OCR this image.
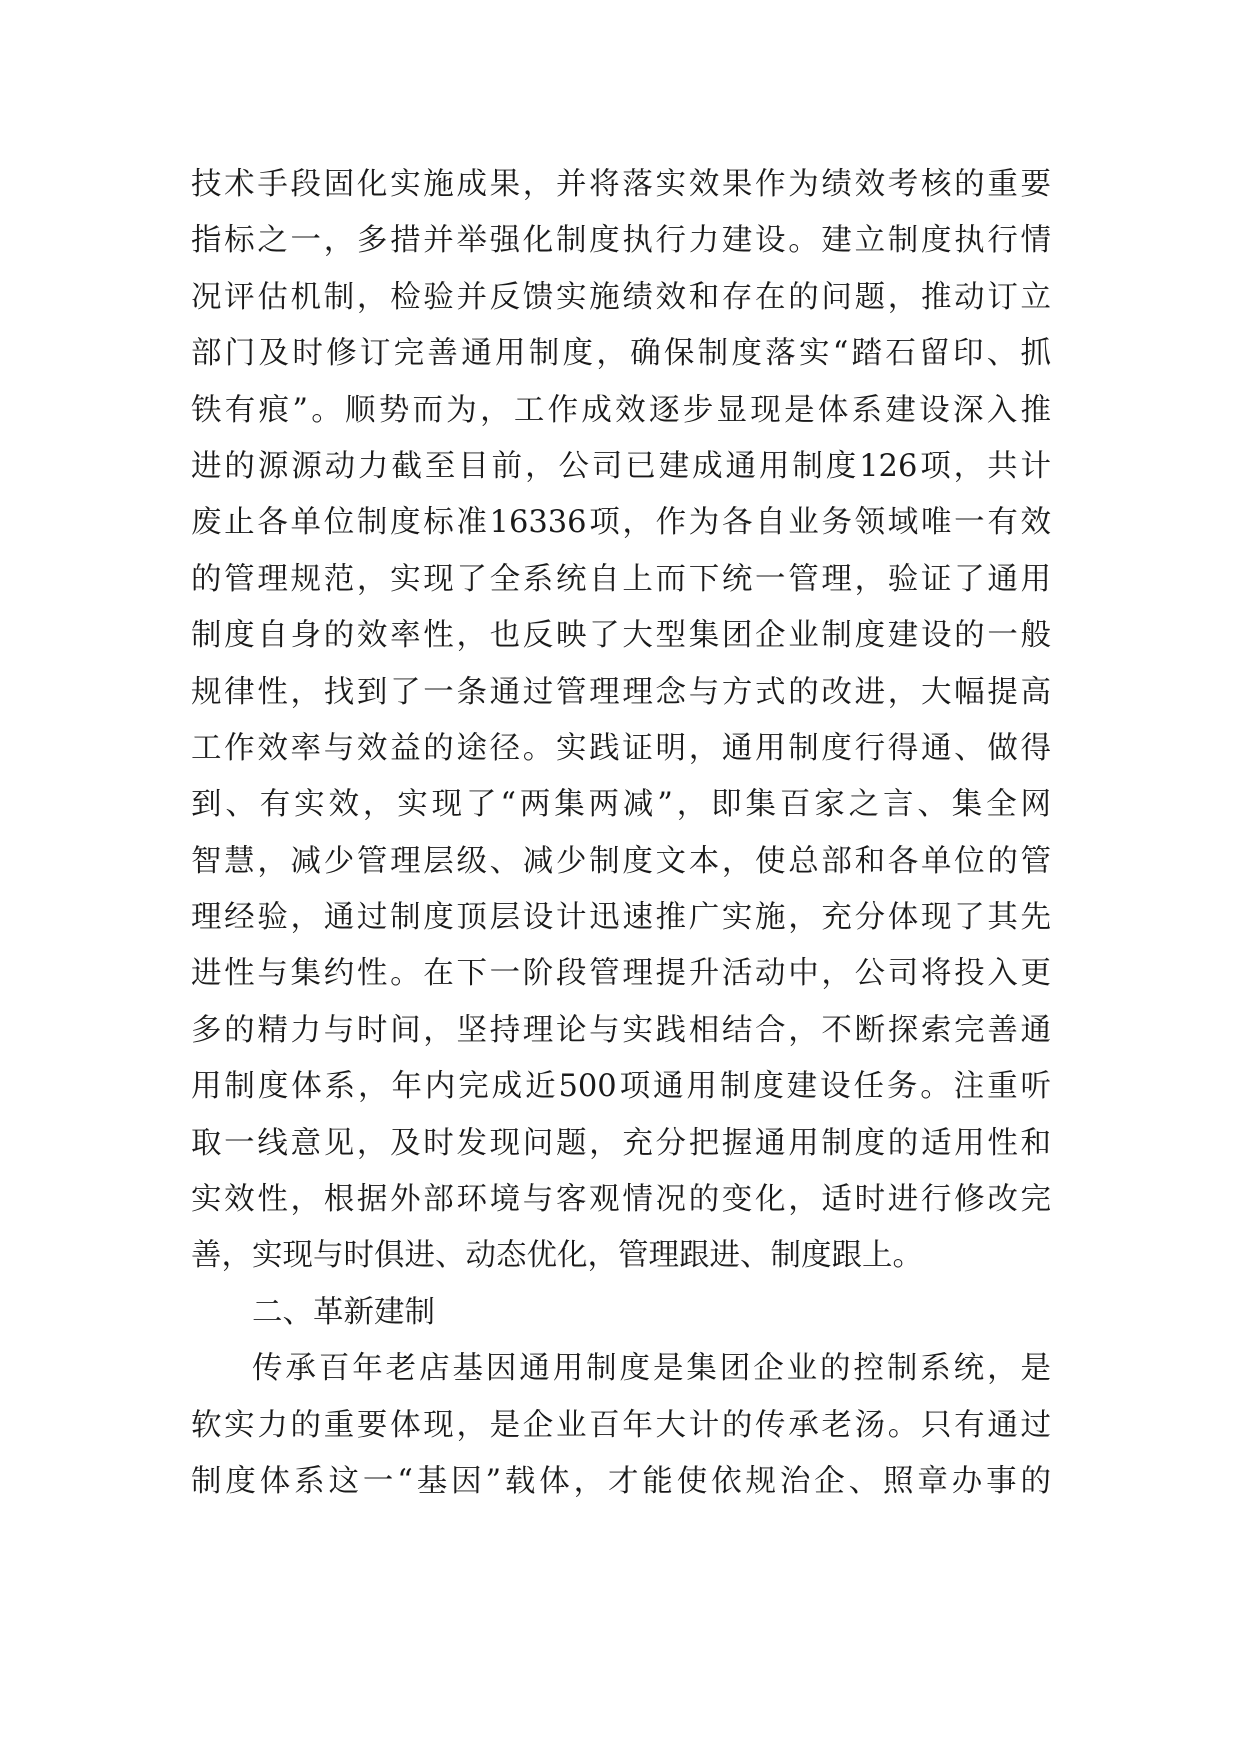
技术手段固化实施成果，并将落实效果作为绩效考核的重要
指标之一，多措并举强化制度执行力建设。建立制度执行情
况评估机制，检验并反馈实施绩效和存在的问题，推动订立
部门及时修订完善通用制度，确保制度落实“踏石留印、抓
铁有痕”。顺势而为，工作成效逐步显现是体系建设深入推
进的源源动力截至目前，公司已建成通用制度126项，共计
废止各单位制度标准16336项，作为各自业务领域唯一有效
的管理规范，实现了全系统自上而下统一管理，验证了通用
制度自身的效率性，也反映了大型集团企业制度建设的一般
规律性，找到了一条通过管理理念与方式的改进，大幅提高
工作效率与效益的途径。实践证明，通用制度行得通、做得
到、有实效，实现了“两集两减”，即集百家之言、集全网
智慧，减少管理层级、减少制度文本，使总部和各单位的管
理经验，通过制度顶层设计迅速推广实施，充分体现了其先
进性与集约性。在下一阶段管理提升活动中，公司将投入更
多的精力与时间，坚持理论与实践相结合，不断探索完善通
用制度体系，年内完成近500项通用制度建设任务。注重听
取一线意见，及时发现问题，充分把握通用制度的适用性和
实效性，根据外部环境与客观情况的变化，适时进行修改完
善，实现与时俱进、动态优化，管理跟进、制度跟上。
二、革新建制
传承百年老店基因通用制度是集团企业的控制系统，是
软实力的重要体现，是企业百年大计的传承老汤。只有通过
制度体系这一“基因”载体，才能使依规治企、照章办事的
